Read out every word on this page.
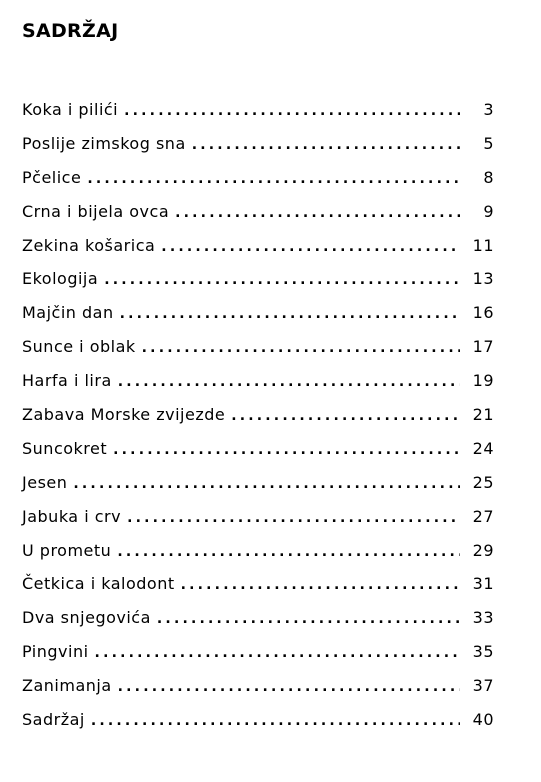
SADRŽAJ
Koka i pilići .....	3
Poslije zimskog sna .....	5
Pčelice .....	8
Crna i bijela ovca .....	9
Zekina košarica .....	11
Ekologija .....	13
Majčin dan .....	16
Sunce i oblak .....	17
Harfa i lira .....	19
Zabava Morske zvijezde .....	21
Suncokret .....	24
Jesen .....	25
Jabuka i crv .....	27
U prometu .....	29
Četkica i kalodont .....	31
Dva snjegovića .....	33
Pingvini .....	35
Zanimanja .....	37
Sadržaj .....	40
